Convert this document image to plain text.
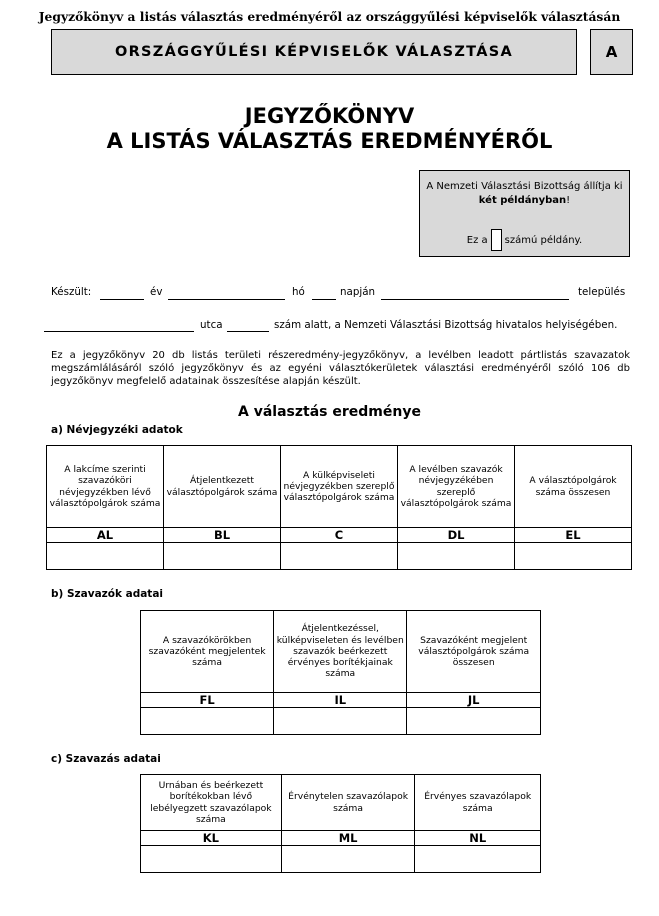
Jegyzőkönyv a listás választás eredményéről az országgyűlési képviselők választásán
ORSZÁGGYŰLÉSI KÉPVISELŐK VÁLASZTÁSA	A
JEGYZŐKÖNYV
A LISTÁS VÁLASZTÁS EREDMÉNYÉRŐL
A Nemzeti Választási Bizottság állítja ki
két példányban!
Ez a számú példány.
Készült:	év	hó	napján	település
utca	szám alatt, a Nemzeti Választási Bizottság hivatalos helyiségében.
Ez a jegyzőkönyv 20 db listás területi részeredmény-jegyzőkönyv, a levélben leadott pártlistás szavazatok megszámlálásáról szóló jegyzőkönyv és az egyéni választókerületek választási eredményéről szóló 106 db jegyzőkönyv megfelelő adatainak összesítése alapján készült.
A választás eredménye
a) Névjegyzéki adatok
A lakcíme szerinti szavazóköri névjegyzékben lévő választópolgárok száma	Átjelentkezett választópolgárok száma	A külképviseleti névjegyzékben szereplő választópolgárok száma	A levélben szavazók névjegyzékében szereplő választópolgárok száma	A választópolgárok száma összesen
AL	BL	C	DL	EL

b) Szavazók adatai
A szavazókörökben szavazóként megjelentek száma	Átjelentkezéssel, külképviseleten és levélben szavazók beérkezett érvényes borítékjainak száma	Szavazóként megjelent választópolgárok száma összesen
FL	IL	JL

c) Szavazás adatai
Urnában és beérkezett borítékokban lévő lebélyegzett szavazólapok száma	Érvénytelen szavazólapok száma	Érvényes szavazólapok száma
KL	ML	NL
